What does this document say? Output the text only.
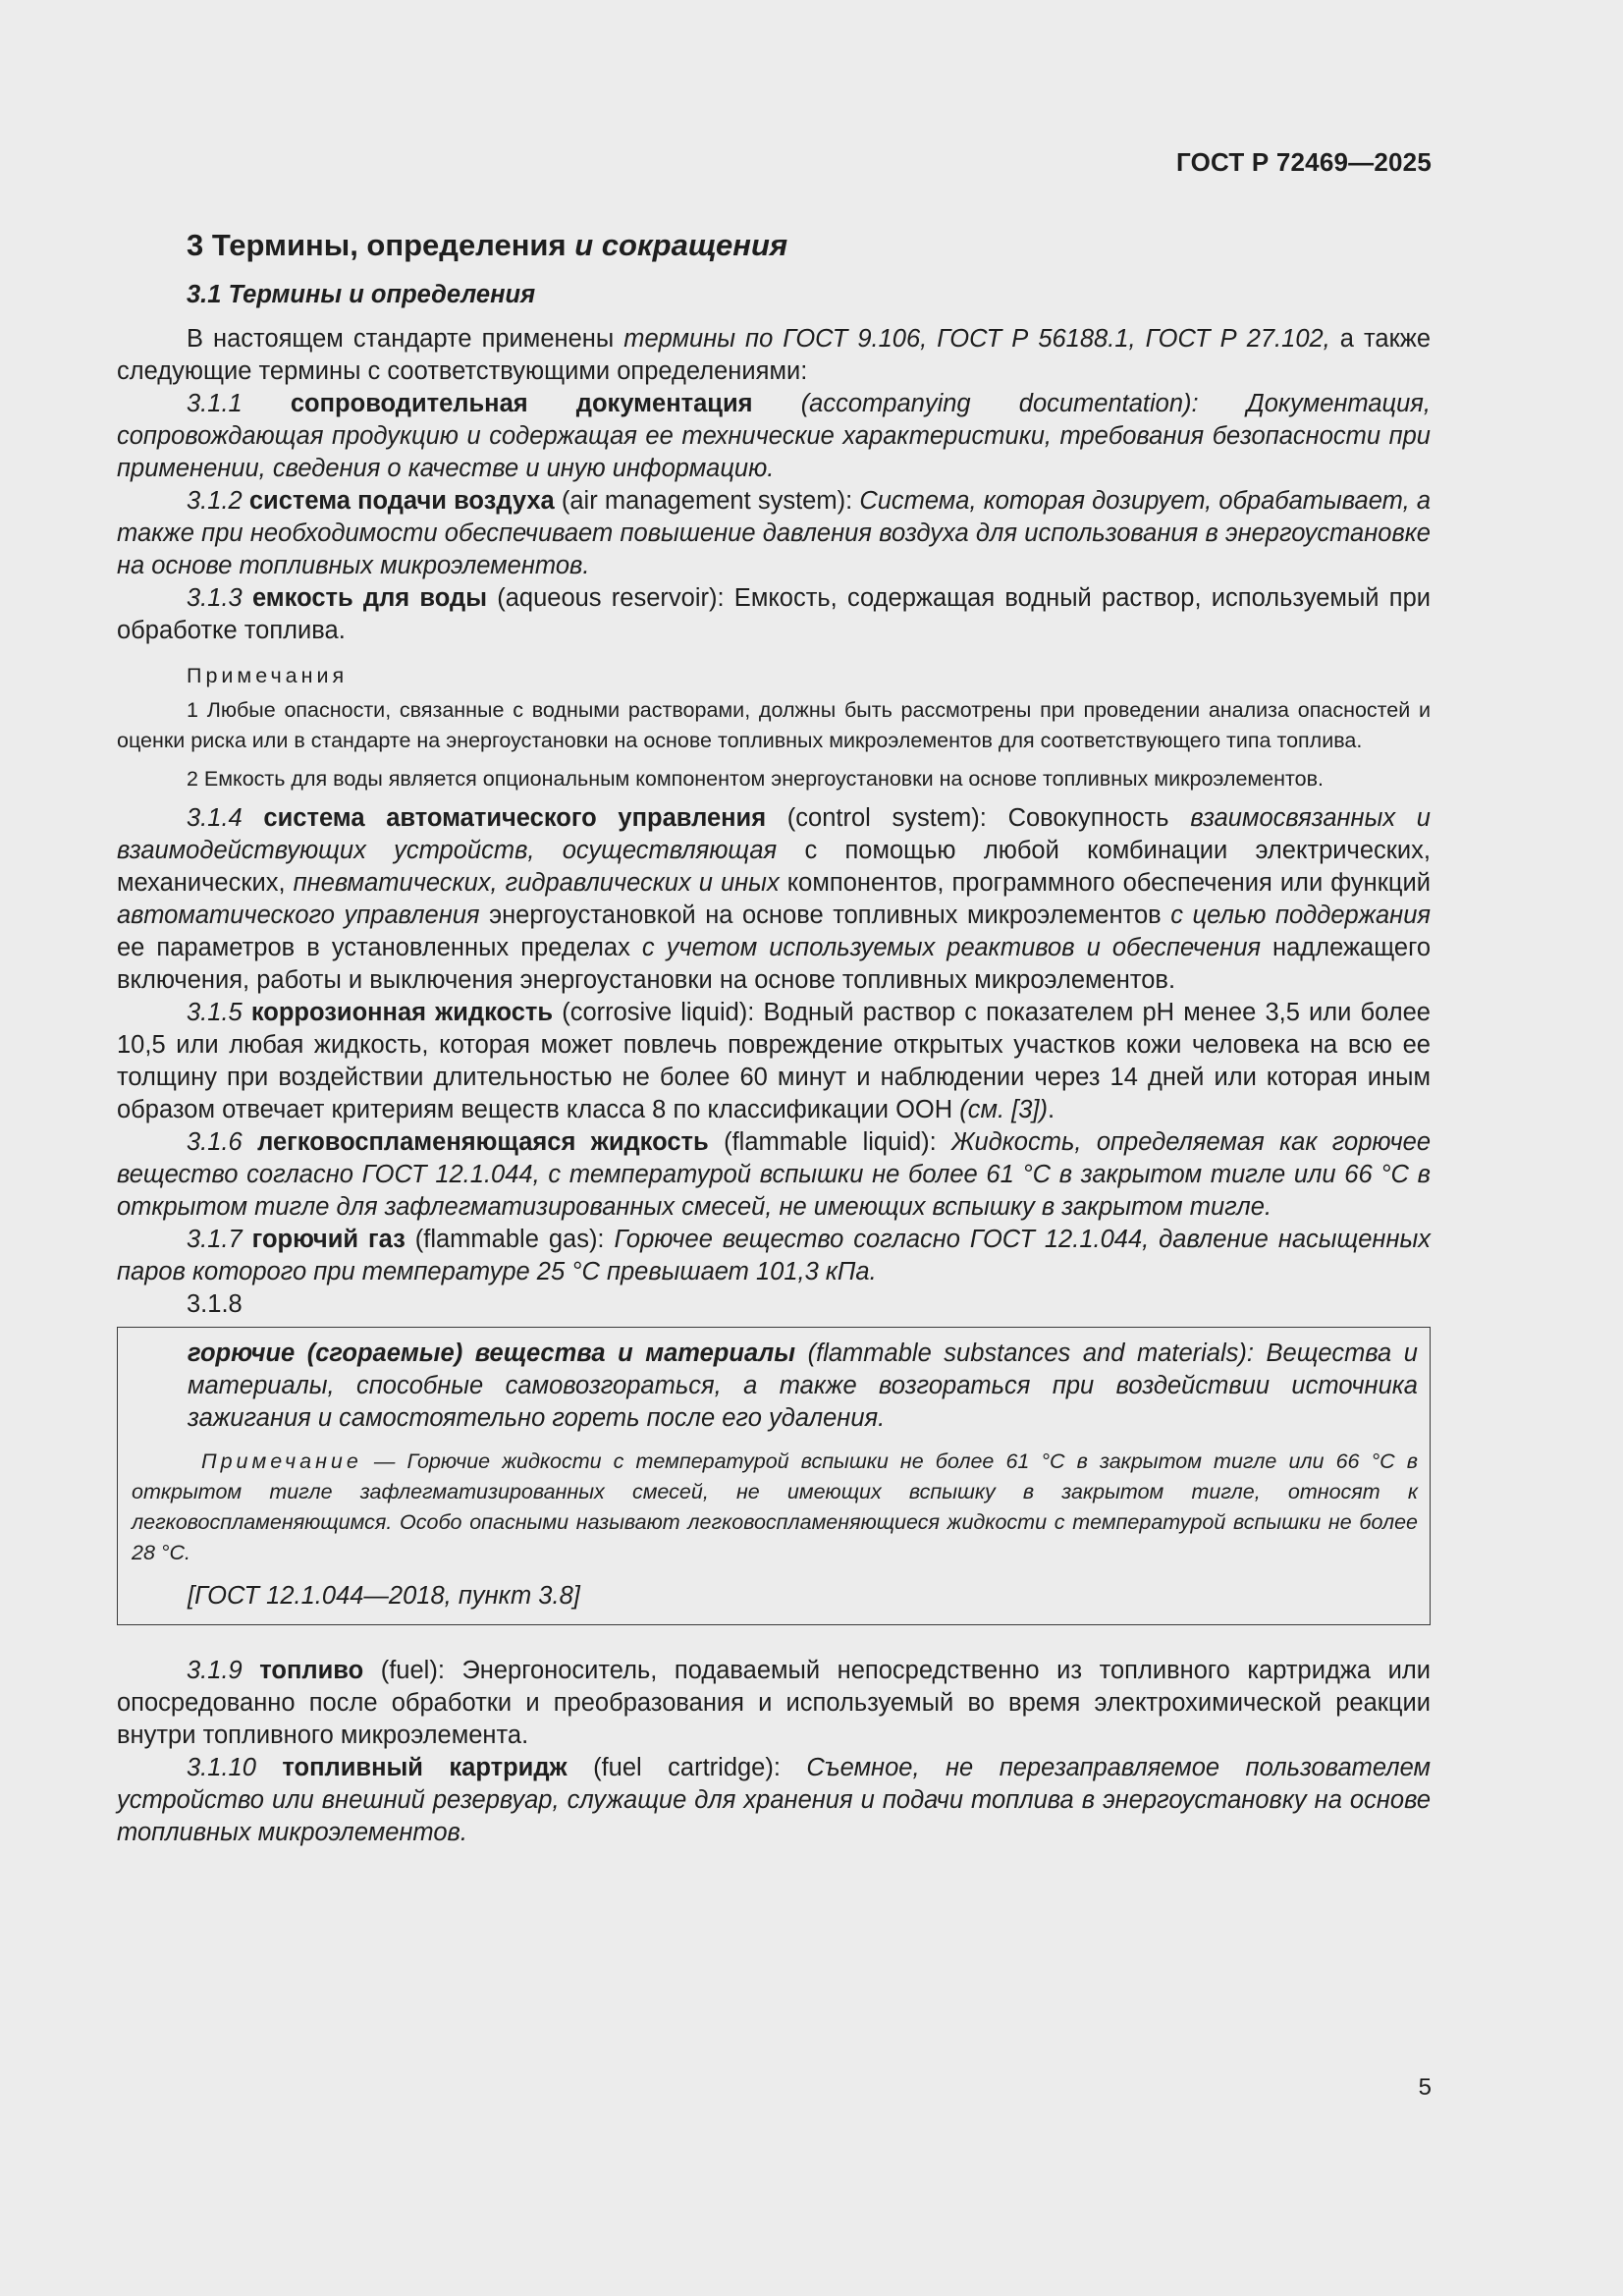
ГОСТ Р 72469—2025
3 Термины, определения и сокращения
3.1 Термины и определения

В настоящем стандарте применены термины по ГОСТ 9.106, ГОСТ Р 56188.1, ГОСТ Р 27.102, а также следующие термины с соответствующими определениями:

3.1.1 сопроводительная документация (accompanying documentation): Документация, сопровождающая продукцию и содержащая ее технические характеристики, требования безопасности при применении, сведения о качестве и иную информацию.

3.1.2 система подачи воздуха (air management system): Система, которая дозирует, обрабатывает, а также при необходимости обеспечивает повышение давления воздуха для использования в энергоустановке на основе топливных микроэлементов.

3.1.3 емкость для воды (aqueous reservoir): Емкость, содержащая водный раствор, используемый при обработке топлива.

Примечания

1 Любые опасности, связанные с водными растворами, должны быть рассмотрены при проведении анализа опасностей и оценки риска или в стандарте на энергоустановки на основе топливных микроэлементов для соответствующего типа топлива.

2 Емкость для воды является опциональным компонентом энергоустановки на основе топливных микроэлементов.

3.1.4 система автоматического управления (control system): Совокупность взаимосвязанных и взаимодействующих устройств, осуществляющая с помощью любой комбинации электрических, механических, пневматических, гидравлических и иных компонентов, программного обеспечения или функций автоматического управления энергоустановкой на основе топливных микроэлементов с целью поддержания ее параметров в установленных пределах с учетом используемых реактивов и обеспечения надлежащего включения, работы и выключения энергоустановки на основе топливных микроэлементов.

3.1.5 коррозионная жидкость (corrosive liquid): Водный раствор с показателем pH менее 3,5 или более 10,5 или любая жидкость, которая может повлечь повреждение открытых участков кожи человека на всю ее толщину при воздействии длительностью не более 60 минут и наблюдении через 14 дней или которая иным образом отвечает критериям веществ класса 8 по классификации ООН (см. [3]).

3.1.6 легковоспламеняющаяся жидкость (flammable liquid): Жидкость, определяемая как горючее вещество согласно ГОСТ 12.1.044, с температурой вспышки не более 61 °С в закрытом тигле или 66 °С в открытом тигле для зафлегматизированных смесей, не имеющих вспышку в закрытом тигле.

3.1.7 горючий газ (flammable gas): Горючее вещество согласно ГОСТ 12.1.044, давление насыщенных паров которого при температуре 25 °С превышает 101,3 кПа.

3.1.8

горючие (сгораемые) вещества и материалы (flammable substances and materials): Вещества и материалы, способные самовозгораться, а также возгораться при воздействии источника зажигания и самостоятельно гореть после его удаления.

Примечание — Горючие жидкости с температурой вспышки не более 61 °С в закрытом тигле или 66 °С в открытом тигле зафлегматизированных смесей, не имеющих вспышку в закрытом тигле, относят к легковоспламеняющимся. Особо опасными называют легковоспламеняющиеся жидкости с температурой вспышки не более 28 °С.

[ГОСТ 12.1.044—2018, пункт 3.8]

3.1.9 топливо (fuel): Энергоноситель, подаваемый непосредственно из топливного картриджа или опосредованно после обработки и преобразования и используемый во время электрохимической реакции внутри топливного микроэлемента.

3.1.10 топливный картридж (fuel cartridge): Съемное, не перезаправляемое пользователем устройство или внешний резервуар, служащие для хранения и подачи топлива в энергоустановку на основе топливных микроэлементов.

5
